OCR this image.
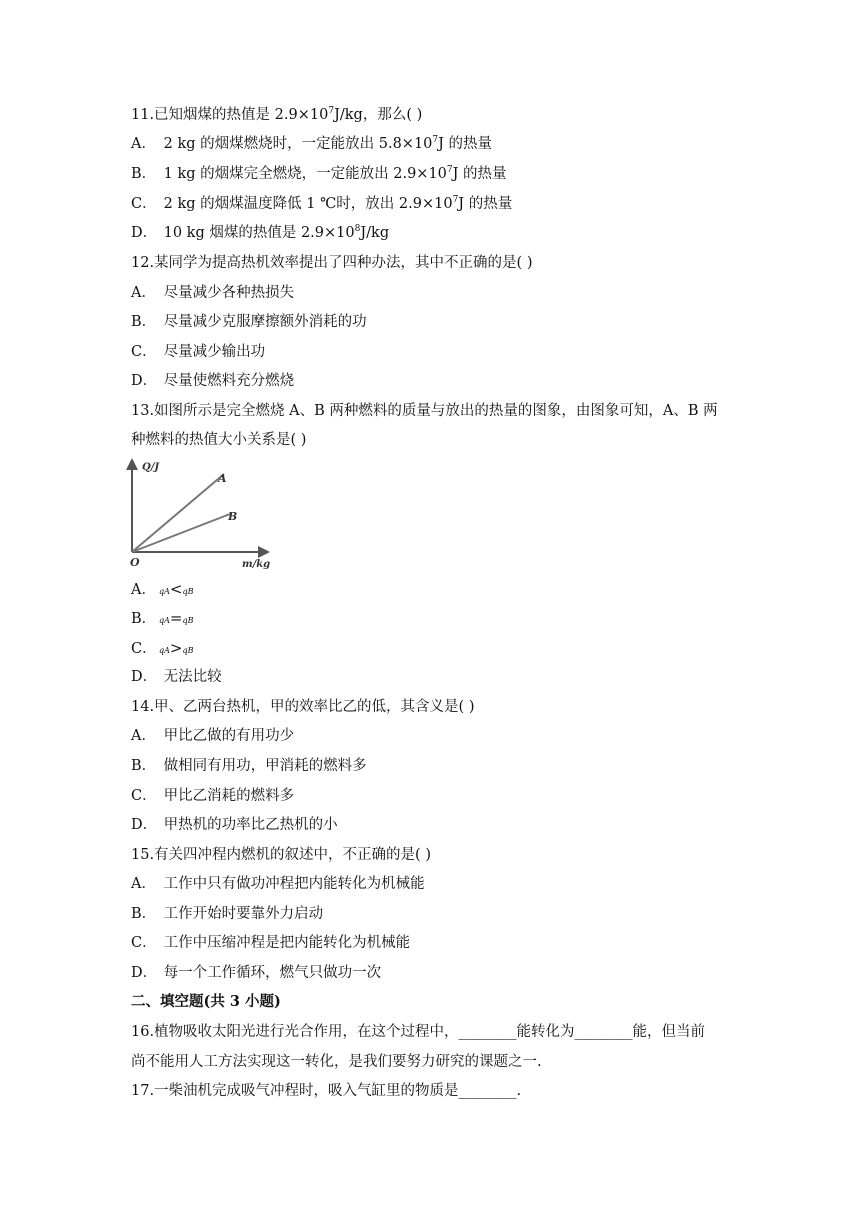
11.已知烟煤的热值是 $2.9\times 10^7J/kg$，那么( )
A． 2 kg 的烟煤燃烧时，一定能放出 $5.8\times 10^7J$ 的热量
B． 1 kg 的烟煤完全燃烧，一定能放出 $2.9\times 10^7J$ 的热量
C． 2 kg 的烟煤温度降低 1 ℃时，放出 $2.9\times 10^7J$ 的热量
D． 10 kg 烟煤的热值是 $2.9\times 10^8J/kg$
12.某同学为提高热机效率提出了四种办法，其中不正确的是( )
A． 尽量减少各种热损失
B． 尽量减少克服摩擦额外消耗的功
C． 尽量减少输出功
D． 尽量使燃料充分燃烧
13.如图所示是完全燃烧 A、B 两种燃料的质量与放出的热量的图象，由图象可知，A、B 两
种燃料的热值大小关系是( )
Q/J
A
B
O	m/kg
A． qA<qB
B． qA=qB
C． qA>qB
D． 无法比较
14.甲、乙两台热机，甲的效率比乙的低，其含义是( )
A． 甲比乙做的有用功少
B． 做相同有用功，甲消耗的燃料多
C． 甲比乙消耗的燃料多
D． 甲热机的功率比乙热机的小
15.有关四冲程内燃机的叙述中，不正确的是( )
A． 工作中只有做功冲程把内能转化为机械能
B． 工作开始时要靠外力启动
C． 工作中压缩冲程是把内能转化为机械能
D． 每一个工作循环，燃气只做功一次
二、填空题(共 3 小题)
16.植物吸收太阳光进行光合作用，在这个过程中，________能转化为________能，但当前
尚不能用人工方法实现这一转化，是我们要努力研究的课题之一.
17.一柴油机完成吸气冲程时，吸入气缸里的物质是________.
